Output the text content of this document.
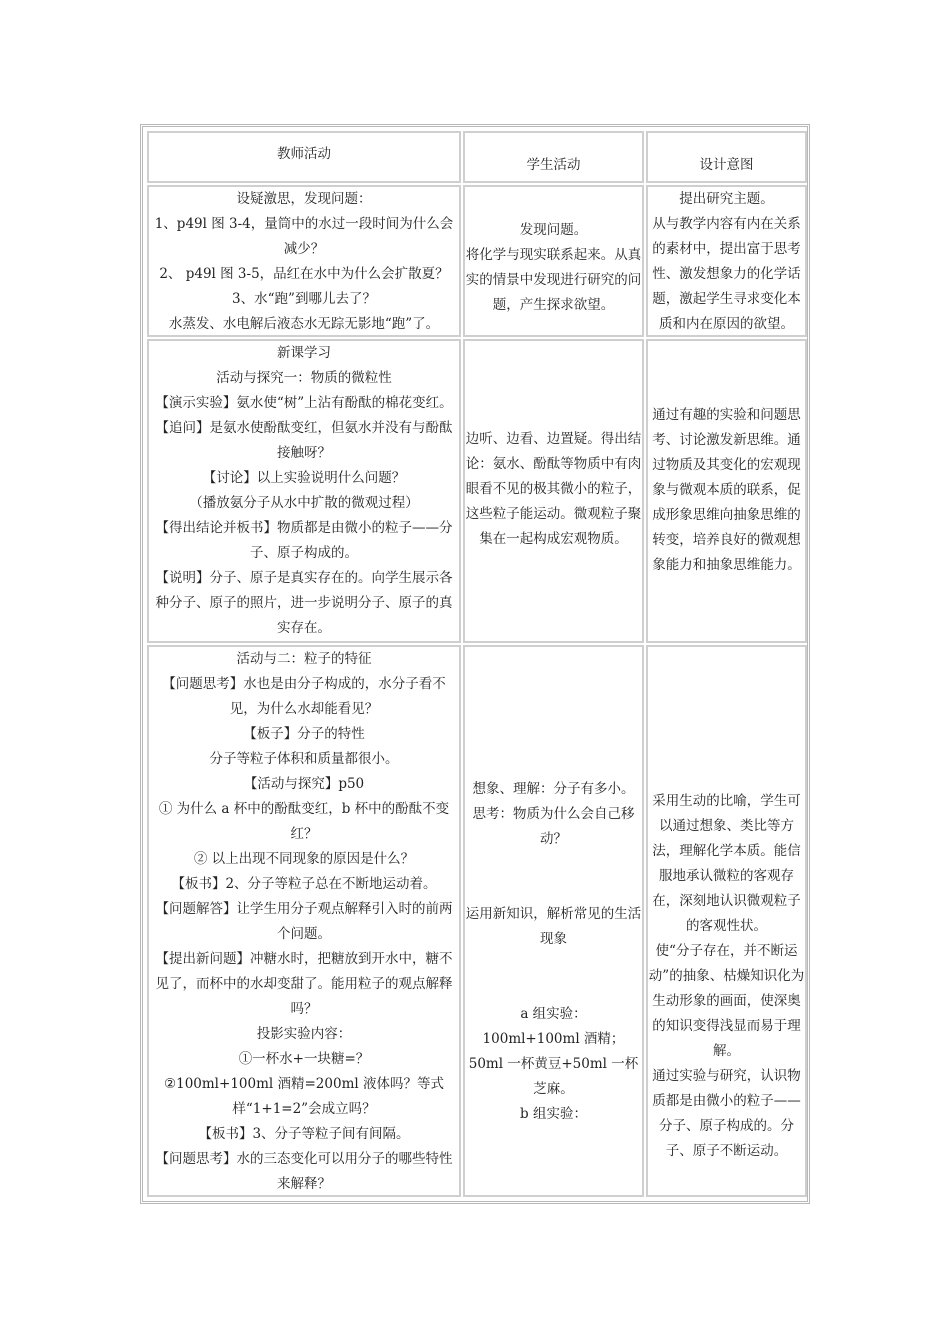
教师活动

学生活动	设计意图

设疑激思，发现问题：

1、p49l 图 3-4，量筒中的水过一段时间为什么会减少？

2、 p49l 图 3-5，品红在水中为什么会扩散夏？

3、水“跑”到哪儿去了？

水蒸发、水电解后液态水无踪无影地“跑”了。

发现问题。

将化学与现实联系起来。从真实的情景中发现进行研究的问题，产生探求欲望。

提出研究主题。

从与教学内容有内在关系的素材中，提出富于思考性、激发想象力的化学话题，激起学生寻求变化本质和内在原因的欲望。

新课学习

活动与探究一：物质的微粒性

【演示实验】氨水使“树”上沾有酚酞的棉花变红。

【追问】是氨水使酚酞变红，但氨水并没有与酚酞接触呀？

【讨论】以上实验说明什么问题？

（播放氨分子从水中扩散的微观过程）

【得出结论并板书】物质都是由微小的粒子——分子、原子构成的。

【说明】分子、原子是真实存在的。向学生展示各种分子、原子的照片，进一步说明分子、原子的真实存在。

边听、边看、边置疑。得出结论：氨水、酚酞等物质中有肉眼看不见的极其微小的粒子，这些粒子能运动。微观粒子聚集在一起构成宏观物质。

通过有趣的实验和问题思考、讨论激发新思维。通过物质及其变化的宏观现象与微观本质的联系，促成形象思维向抽象思维的转变，培养良好的微观想象能力和抽象思维能力。

活动与二：粒子的特征

【问题思考】水也是由分子构成的，水分子看不见，为什么水却能看见？

【板子】分子的特性

分子等粒子体积和质量都很小。

【活动与探究】p50

① 为什么 a 杯中的酚酞变红，b 杯中的酚酞不变红？

② 以上出现不同现象的原因是什么？

【板书】2、分子等粒子总在不断地运动着。

【问题解答】让学生用分子观点解释引入时的前两个问题。

【提出新问题】冲糖水时，把糖放到开水中，糖不见了，而杯中的水却变甜了。能用粒子的观点解释吗？

投影实验内容：

①一杯水+一块糖=？

②100ml+100ml 酒精=200ml 液体吗？等式样“1+1=2”会成立吗？

【板书】3、分子等粒子间有间隔。

【问题思考】水的三态变化可以用分子的哪些特性来解释？

想象、理解：分子有多小。

思考：物质为什么会自己移动？

运用新知识，解析常见的生活现象

a 组实验：

100ml+100ml 酒精；

50ml 一杯黄豆+50ml 一杯芝麻。

b 组实验：

采用生动的比喻，学生可以通过想象、类比等方法，理解化学本质。能信服地承认微粒的客观存在，深刻地认识微观粒子的客观性状。

使“分子存在，并不断运动”的抽象、枯燥知识化为生动形象的画面，使深奥的知识变得浅显而易于理解。

通过实验与研究，认识物质都是由微小的粒子——分子、原子构成的。分子、原子不断运动。
